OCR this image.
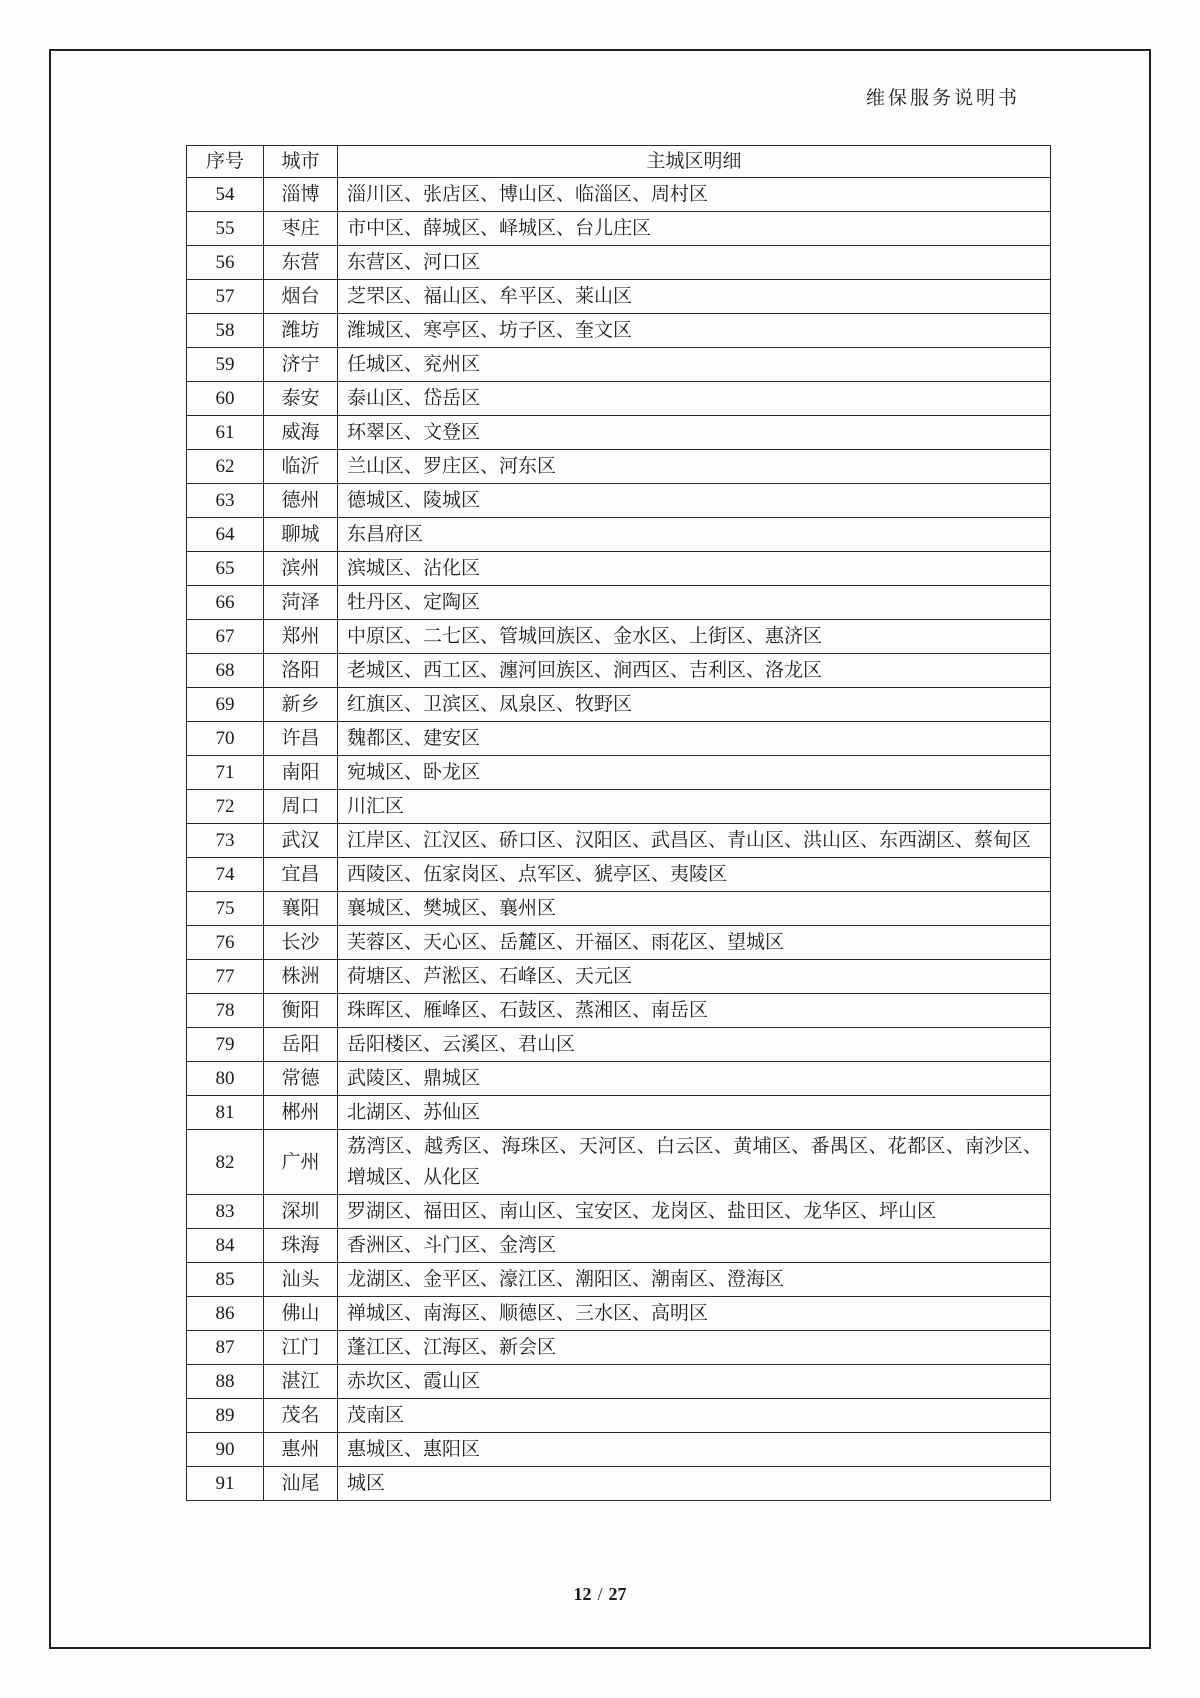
维保服务说明书
序号	城市	主城区明细
54	淄博	淄川区、张店区、博山区、临淄区、周村区
55	枣庄	市中区、薛城区、峄城区、台儿庄区
56	东营	东营区、河口区
57	烟台	芝罘区、福山区、牟平区、莱山区
58	潍坊	潍城区、寒亭区、坊子区、奎文区
59	济宁	任城区、兖州区
60	泰安	泰山区、岱岳区
61	威海	环翠区、文登区
62	临沂	兰山区、罗庄区、河东区
63	德州	德城区、陵城区
64	聊城	东昌府区
65	滨州	滨城区、沾化区
66	菏泽	牡丹区、定陶区
67	郑州	中原区、二七区、管城回族区、金水区、上街区、惠济区
68	洛阳	老城区、西工区、瀍河回族区、涧西区、吉利区、洛龙区
69	新乡	红旗区、卫滨区、凤泉区、牧野区
70	许昌	魏都区、建安区
71	南阳	宛城区、卧龙区
72	周口	川汇区
73	武汉	江岸区、江汉区、硚口区、汉阳区、武昌区、青山区、洪山区、东西湖区、蔡甸区
74	宜昌	西陵区、伍家岗区、点军区、猇亭区、夷陵区
75	襄阳	襄城区、樊城区、襄州区
76	长沙	芙蓉区、天心区、岳麓区、开福区、雨花区、望城区
77	株洲	荷塘区、芦淞区、石峰区、天元区
78	衡阳	珠晖区、雁峰区、石鼓区、蒸湘区、南岳区
79	岳阳	岳阳楼区、云溪区、君山区
80	常德	武陵区、鼎城区
81	郴州	北湖区、苏仙区
82	广州	荔湾区、越秀区、海珠区、天河区、白云区、黄埔区、番禺区、花都区、南沙区、增城区、从化区
83	深圳	罗湖区、福田区、南山区、宝安区、龙岗区、盐田区、龙华区、坪山区
84	珠海	香洲区、斗门区、金湾区
85	汕头	龙湖区、金平区、濠江区、潮阳区、潮南区、澄海区
86	佛山	禅城区、南海区、顺德区、三水区、高明区
87	江门	蓬江区、江海区、新会区
88	湛江	赤坎区、霞山区
89	茂名	茂南区
90	惠州	惠城区、惠阳区
91	汕尾	城区
12 / 27
